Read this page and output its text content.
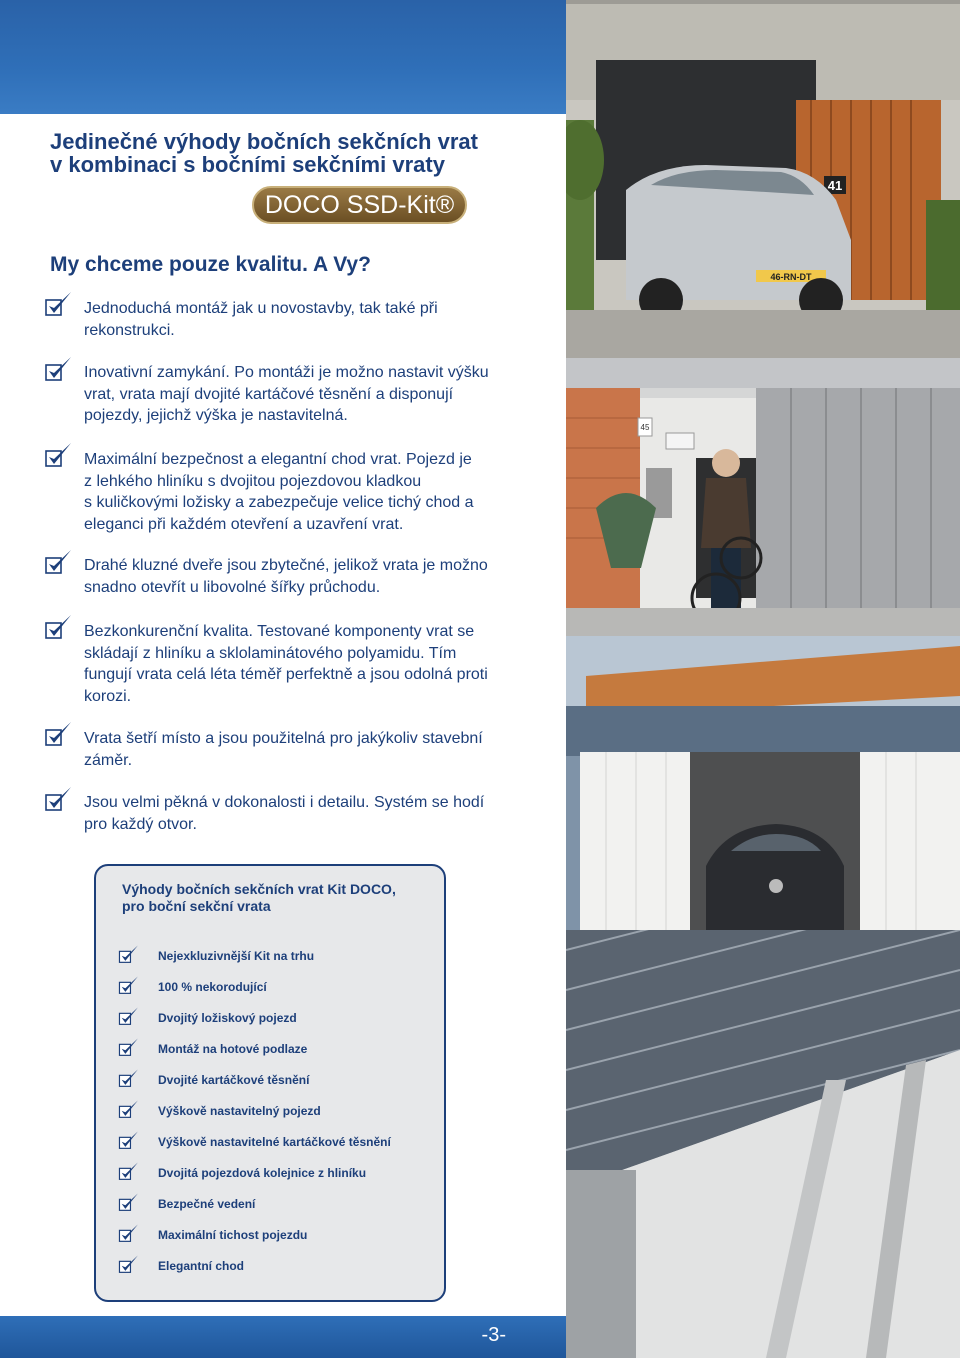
Jedinečné výhody bočních sekčních vrat
v kombinaci s bočními sekčními vraty
DOCO SSD-Kit®
My chceme pouze kvalitu. A Vy?
Jednoduchá montáž jak u novostavby, tak také při
rekonstrukci.
Inovativní zamykání. Po montáži je možno nastavit výšku
vrat, vrata mají dvojité kartáčové těsnění a disponují
pojezdy, jejichž výška je nastavitelná.
Maximální bezpečnost a elegantní chod vrat. Pojezd je
z lehkého hliníku s dvojitou pojezdovou kladkou
s kuličkovými ložisky a zabezpečuje velice tichý chod a
eleganci při každém otevření a uzavření vrat.
Drahé kluzné dveře jsou zbytečné, jelikož vrata je možno
snadno otevřít u libovolné šířky průchodu.
Bezkonkurenční kvalita. Testované komponenty vrat se
skládají z hliníku a sklolaminátového polyamidu. Tím
fungují vrata celá léta téměř perfektně a jsou odolná proti
korozi.
Vrata šetří místo a jsou použitelná pro jakýkoliv stavební
záměr.
Jsou velmi pěkná v dokonalosti i detailu. Systém se hodí
pro každý otvor.
Výhody bočních sekčních vrat Kit DOCO,
pro boční sekční vrata
Nejexkluzivnější Kit na trhu
100 % nekorodující
Dvojitý ložiskový pojezd
Montáž na hotové podlaze
Dvojité kartáčkové těsnění
Výškově nastavitelný pojezd
Výškově nastavitelné kartáčkové těsnění
Dvojitá pojezdová kolejnice z hliníku
Bezpečné vedení
Maximální tichost pojezdu
Elegantní chod
-3-
41
46-RN-DT
45
